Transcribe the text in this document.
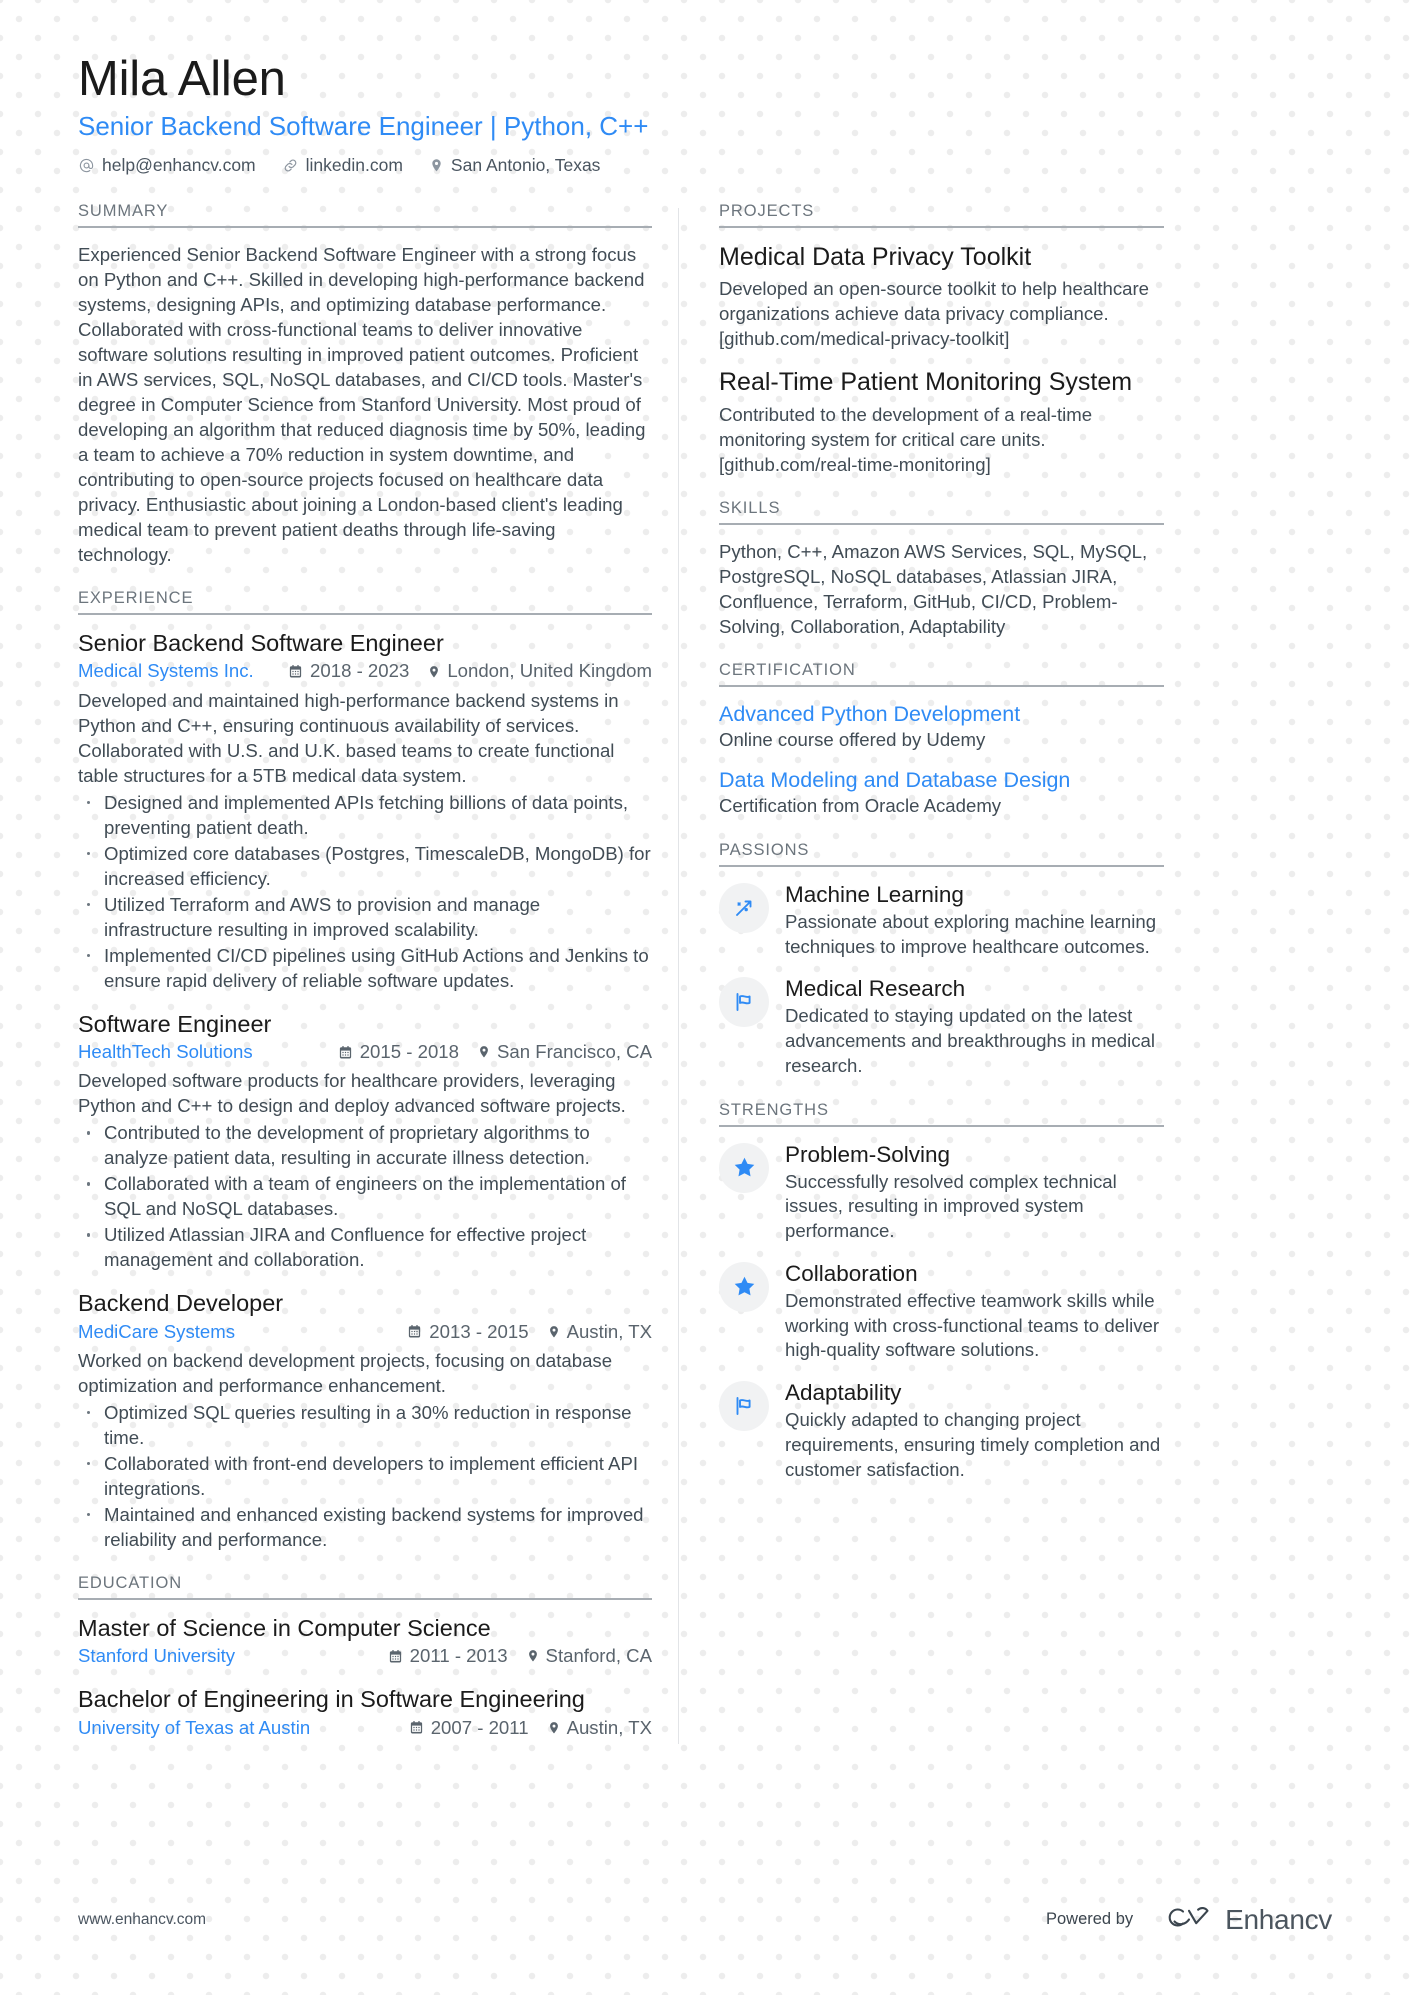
Mila Allen
Senior Backend Software Engineer | Python, C++
help@enhancv.com	linkedin.com	San Antonio, Texas
SUMMARY
Experienced Senior Backend Software Engineer with a strong focus on Python and C++. Skilled in developing high-performance backend systems, designing APIs, and optimizing database performance. Collaborated with cross-functional teams to deliver innovative software solutions resulting in improved patient outcomes. Proficient in AWS services, SQL, NoSQL databases, and CI/CD tools. Master's degree in Computer Science from Stanford University. Most proud of developing an algorithm that reduced diagnosis time by 50%, leading a team to achieve a 70% reduction in system downtime, and contributing to open-source projects focused on healthcare data privacy. Enthusiastic about joining a London-based client's leading medical team to prevent patient deaths through life-saving technology.
EXPERIENCE
Senior Backend Software Engineer
Medical Systems Inc.	2018 - 2023 London, United Kingdom
Developed and maintained high-performance backend systems in Python and C++, ensuring continuous availability of services. Collaborated with U.S. and U.K. based teams to create functional table structures for a 5TB medical data system.
Designed and implemented APIs fetching billions of data points, preventing patient death.
Optimized core databases (Postgres, TimescaleDB, MongoDB) for increased efficiency.
Utilized Terraform and AWS to provision and manage infrastructure resulting in improved scalability.
Implemented CI/CD pipelines using GitHub Actions and Jenkins to ensure rapid delivery of reliable software updates.
Software Engineer
HealthTech Solutions	2015 - 2018 San Francisco, CA
Developed software products for healthcare providers, leveraging Python and C++ to design and deploy advanced software projects.
Contributed to the development of proprietary algorithms to analyze patient data, resulting in accurate illness detection.
Collaborated with a team of engineers on the implementation of SQL and NoSQL databases.
Utilized Atlassian JIRA and Confluence for effective project management and collaboration.
Backend Developer
MediCare Systems	2013 - 2015 Austin, TX
Worked on backend development projects, focusing on database optimization and performance enhancement.
Optimized SQL queries resulting in a 30% reduction in response time.
Collaborated with front-end developers to implement efficient API integrations.
Maintained and enhanced existing backend systems for improved reliability and performance.
EDUCATION
Master of Science in Computer Science
Stanford University	2011 - 2013 Stanford, CA
Bachelor of Engineering in Software Engineering
University of Texas at Austin	2007 - 2011 Austin, TX
PROJECTS
Medical Data Privacy Toolkit
Developed an open-source toolkit to help healthcare organizations achieve data privacy compliance. [github.com/medical-privacy-toolkit]
Real-Time Patient Monitoring System
Contributed to the development of a real-time monitoring system for critical care units. [github.com/real-time-monitoring]
SKILLS
Python, C++, Amazon AWS Services, SQL, MySQL, PostgreSQL, NoSQL databases, Atlassian JIRA, Confluence, Terraform, GitHub, CI/CD, Problem-Solving, Collaboration, Adaptability
CERTIFICATION
Advanced Python Development
Online course offered by Udemy
Data Modeling and Database Design
Certification from Oracle Academy
PASSIONS
Machine Learning
Passionate about exploring machine learning techniques to improve healthcare outcomes.
Medical Research
Dedicated to staying updated on the latest advancements and breakthroughs in medical research.
STRENGTHS
Problem-Solving
Successfully resolved complex technical issues, resulting in improved system performance.
Collaboration
Demonstrated effective teamwork skills while working with cross-functional teams to deliver high-quality software solutions.
Adaptability
Quickly adapted to changing project requirements, ensuring timely completion and customer satisfaction.
www.enhancv.com	Powered by	Enhancv
